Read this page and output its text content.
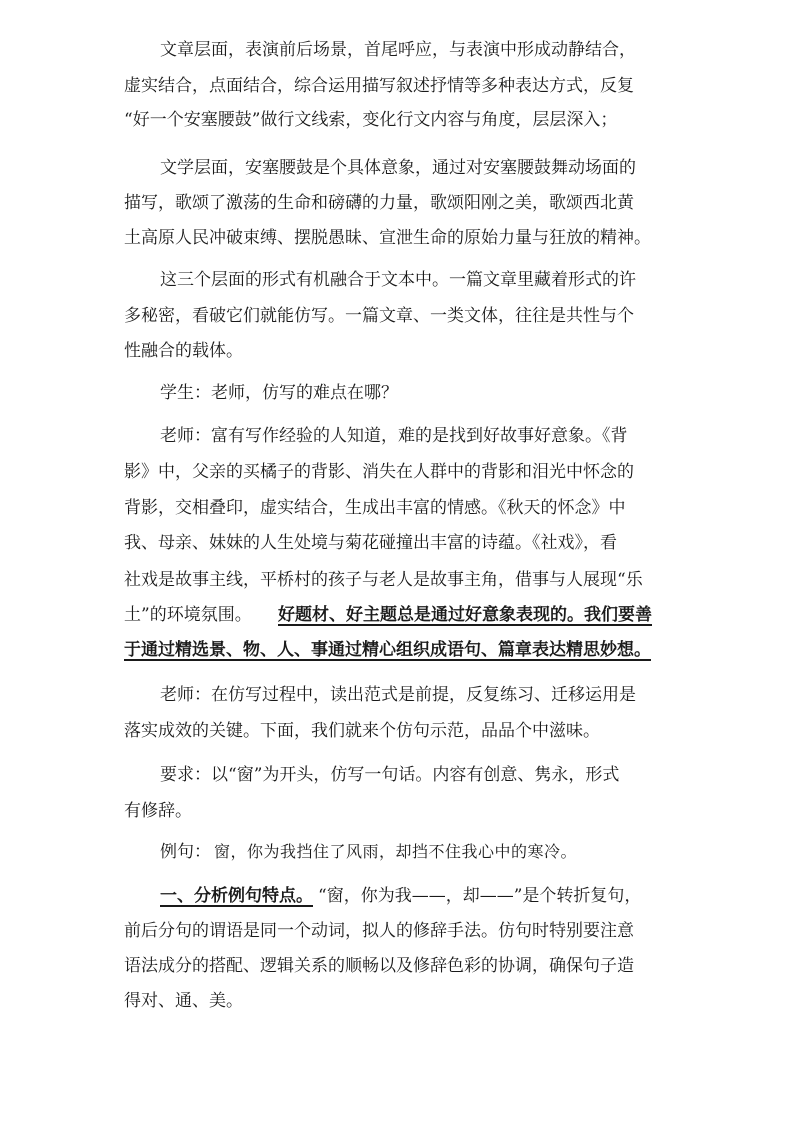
文章层面，表演前后场景，首尾呼应，与表演中形成动静结合，
虚实结合，点面结合，综合运用描写叙述抒情等多种表达方式，反复
“好一个安塞腰鼓”做行文线索，变化行文内容与角度，层层深入；
文学层面，安塞腰鼓是个具体意象，通过对安塞腰鼓舞动场面的
描写，歌颂了激荡的生命和磅礴的力量，歌颂阳刚之美，歌颂西北黄
土高原人民冲破束缚、摆脱愚昧、宣泄生命的原始力量与狂放的精神。
这三个层面的形式有机融合于文本中。一篇文章里藏着形式的许
多秘密，看破它们就能仿写。一篇文章、一类文体，往往是共性与个
性融合的载体。
学生：老师，仿写的难点在哪？
老师：富有写作经验的人知道，难的是找到好故事好意象。《背
影》中，父亲的买橘子的背影、消失在人群中的背影和泪光中怀念的
背影，交相叠印，虚实结合，生成出丰富的情感。《秋天的怀念》中
我、母亲、妹妹的人生处境与菊花碰撞出丰富的诗蕴。《社戏》，看
社戏是故事主线，平桥村的孩子与老人是故事主角，借事与人展现“乐
土”的环境氛围。 好题材、好主题总是通过好意象表现的。我们要善
于通过精选景、物、人、事通过精心组织成语句、篇章表达精思妙想。
老师：在仿写过程中，读出范式是前提，反复练习、迁移运用是
落实成效的关键。下面，我们就来个仿句示范，品品个中滋味。
要求：以“窗”为开头，仿写一句话。内容有创意、隽永，形式
有修辞。
例句： 窗，你为我挡住了风雨，却挡不住我心中的寒冷。
一、分析例句特点。 “窗，你为我——，却——”是个转折复句，
前后分句的谓语是同一个动词，拟人的修辞手法。仿句时特别要注意
语法成分的搭配、逻辑关系的顺畅以及修辞色彩的协调，确保句子造
得对、通、美。
